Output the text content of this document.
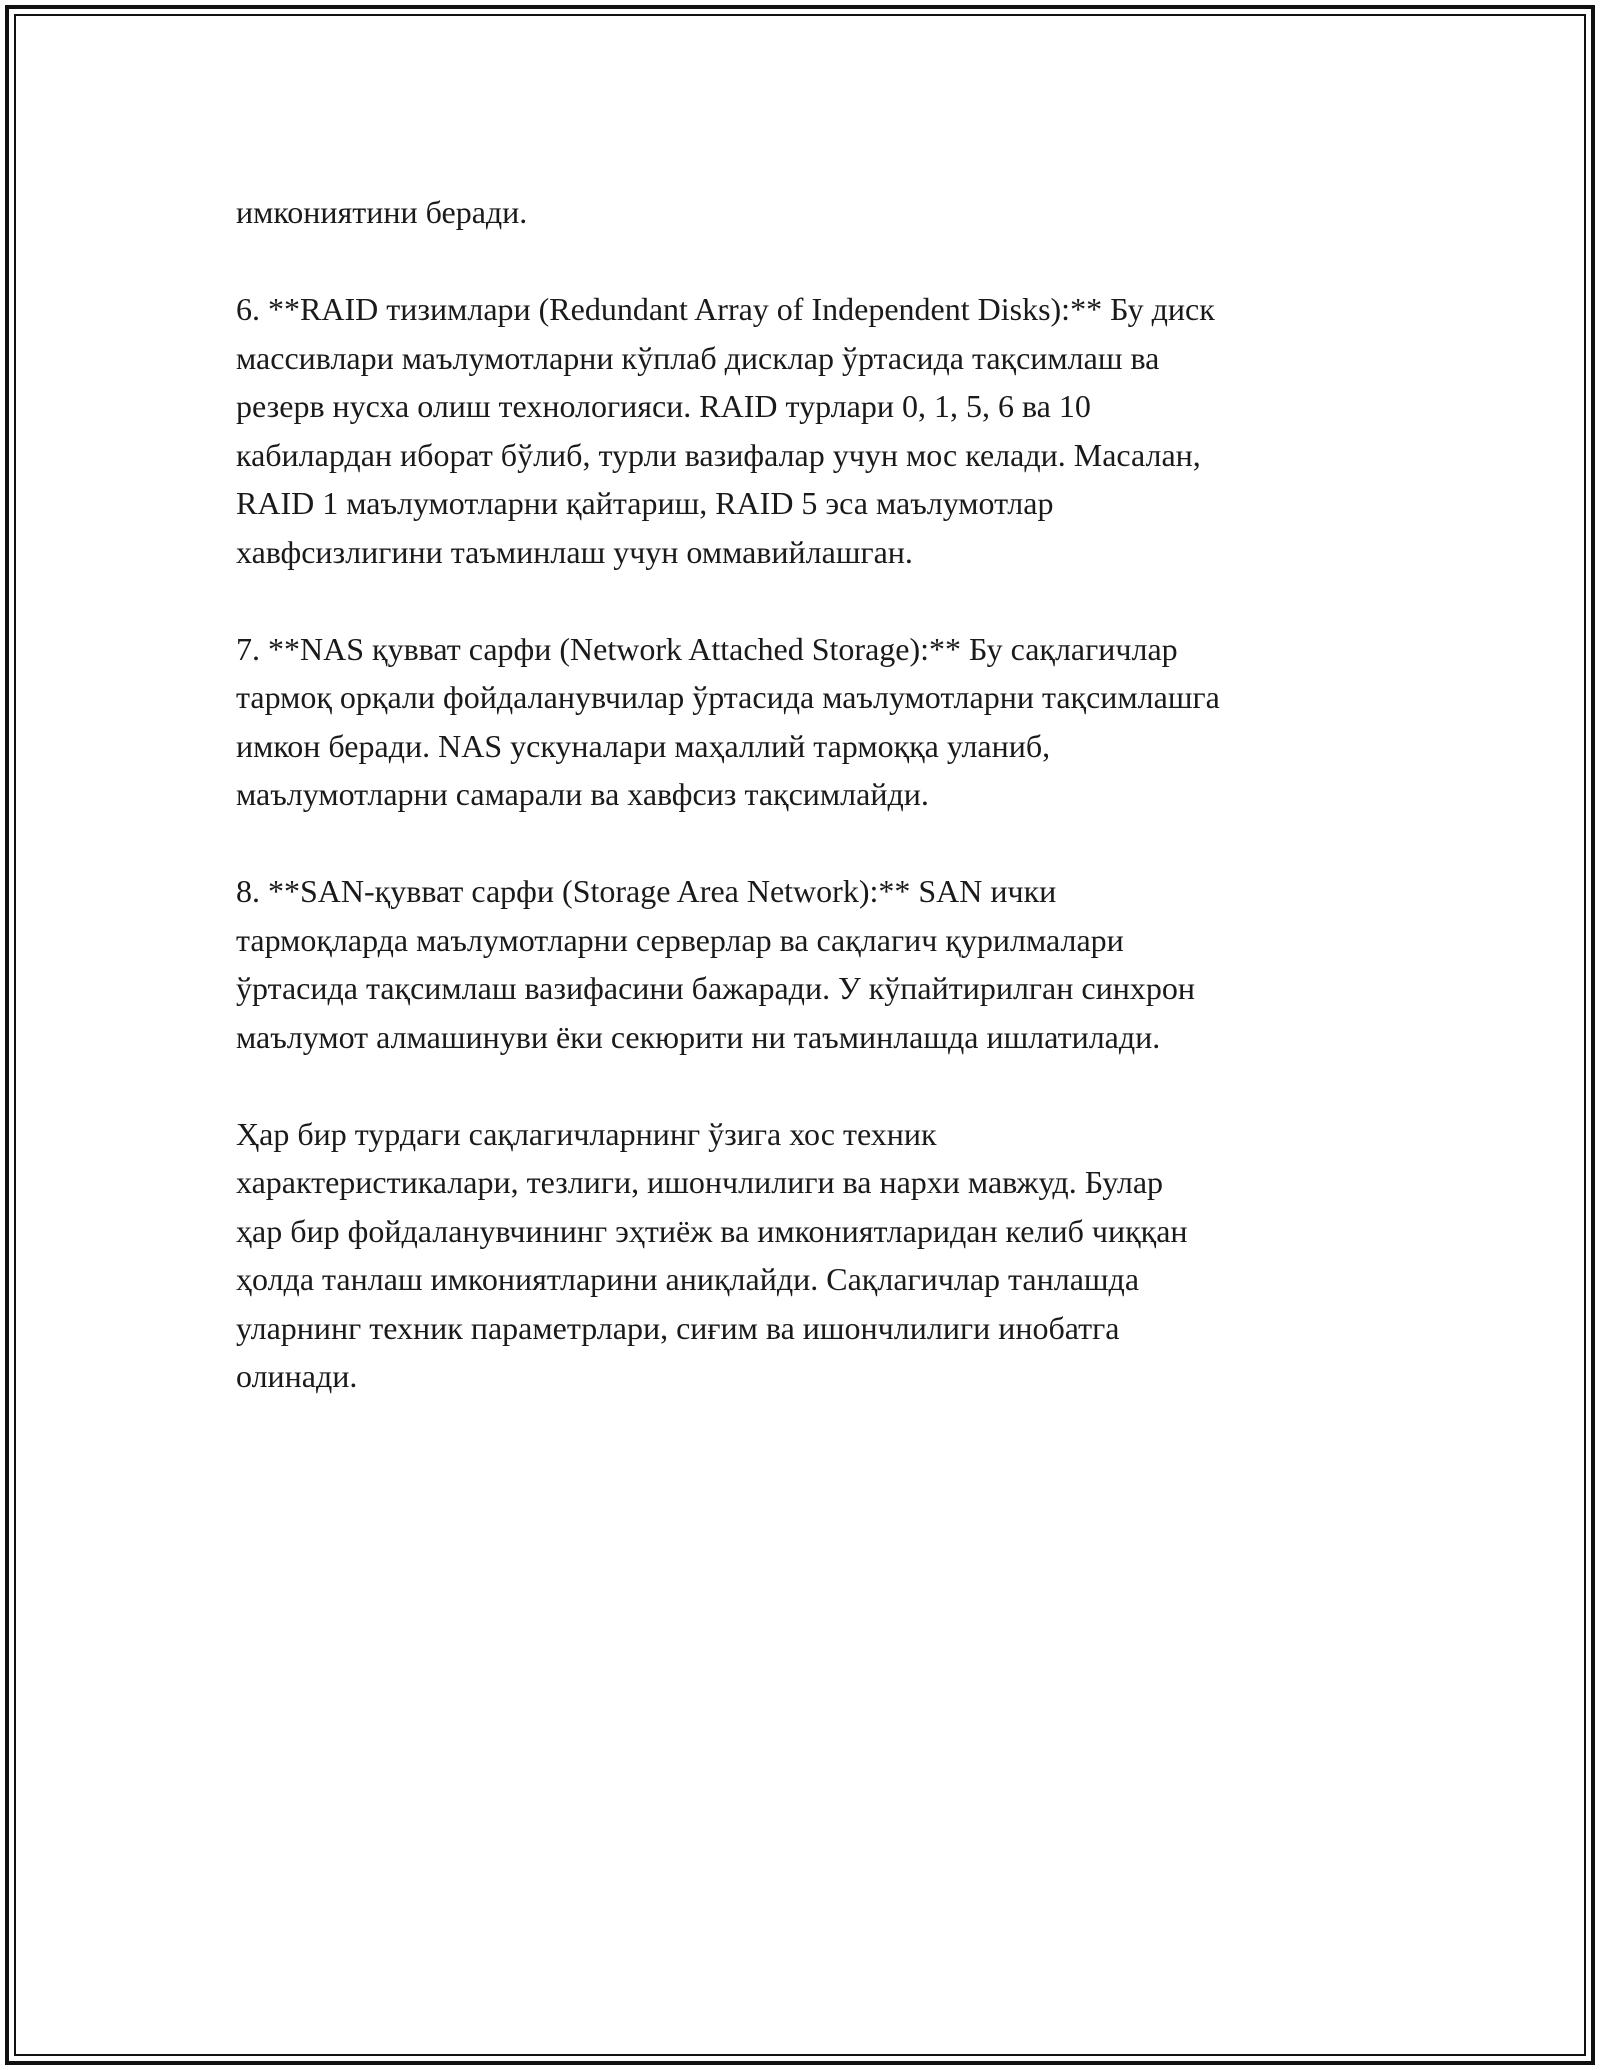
имкониятини беради.

6. **RAID тизимлари (Redundant Array of Independent Disks):** Бу диск
массивлари маълумотларни кўплаб дисклар ўртасида тақсимлаш ва
резерв нусха олиш технологияси. RAID турлари 0, 1, 5, 6 ва 10
кабилардан иборат бўлиб, турли вазифалар учун мос келади. Масалан,
RAID 1 маълумотларни қайтариш, RAID 5 эса маълумотлар
хавфсизлигини таъминлаш учун оммавийлашган.

7. **NAS қувват сарфи (Network Attached Storage):** Бу сақлагичлар
тармоқ орқали фойдаланувчилар ўртасида маълумотларни тақсимлашга
имкон беради. NAS ускуналари маҳаллий тармоққа уланиб,
маълумотларни самарали ва хавфсиз тақсимлайди.

8. **SAN-қувват сарфи (Storage Area Network):** SAN ички
тармоқларда маълумотларни серверлар ва сақлагич қурилмалари
ўртасида тақсимлаш вазифасини бажаради. У кўпайтирилган синхрон
маълумот алмашинуви ёки секюрити ни таъминлашда ишлатилади.

Ҳар бир турдаги сақлагичларнинг ўзига хос техник
характеристикалари, тезлиги, ишончлилиги ва нархи мавжуд. Булар
ҳар бир фойдаланувчининг эҳтиёж ва имкониятларидан келиб чиққан
ҳолда танлаш имкониятларини аниқлайди. Сақлагичлар танлашда
уларнинг техник параметрлари, сиғим ва ишончлилиги инобатга
олинади.
